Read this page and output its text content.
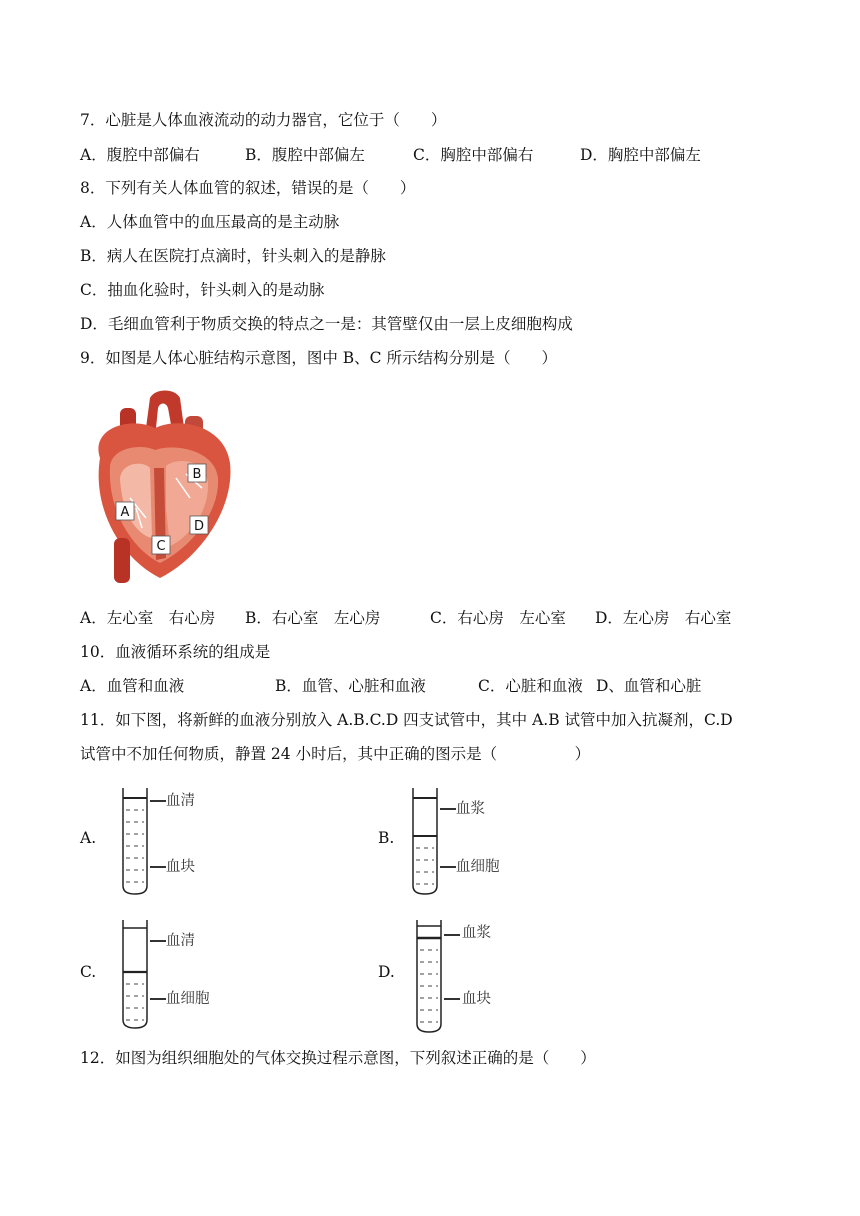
7．心脏是人体血液流动的动力器官，它位于（　　）
A．腹腔中部偏右	B．腹腔中部偏左	C．胸腔中部偏右	D．胸腔中部偏左
8．下列有关人体血管的叙述，错误的是（　　）
A．人体血管中的血压最高的是主动脉
B．病人在医院打点滴时，针头刺入的是静脉
C．抽血化验时，针头刺入的是动脉
D．毛细血管利于物质交换的特点之一是：其管壁仅由一层上皮细胞构成
9．如图是人体心脏结构示意图，图中 B、C 所示结构分别是（　　）
B
A
C
D
A．左心室　右心房 B．右心室　左心房	C．右心房　左心室 D．左心房　右心室
10．血液循环系统的组成是
A．血管和血液	B．血管、心脏和血液	C．心脏和血液 D、血管和心脏
11．如下图，将新鲜的血液分别放入 A.B.C.D 四支试管中，其中 A.B 试管中加入抗凝剂，C.D
试管中不加任何物质，静置 24 小时后，其中正确的图示是（　　　　　）
A.
血清
血块
B.
血浆
血细胞
C.
血清
血细胞
D.
血浆
血块
12．如图为组织细胞处的气体交换过程示意图，下列叙述正确的是（　　）
